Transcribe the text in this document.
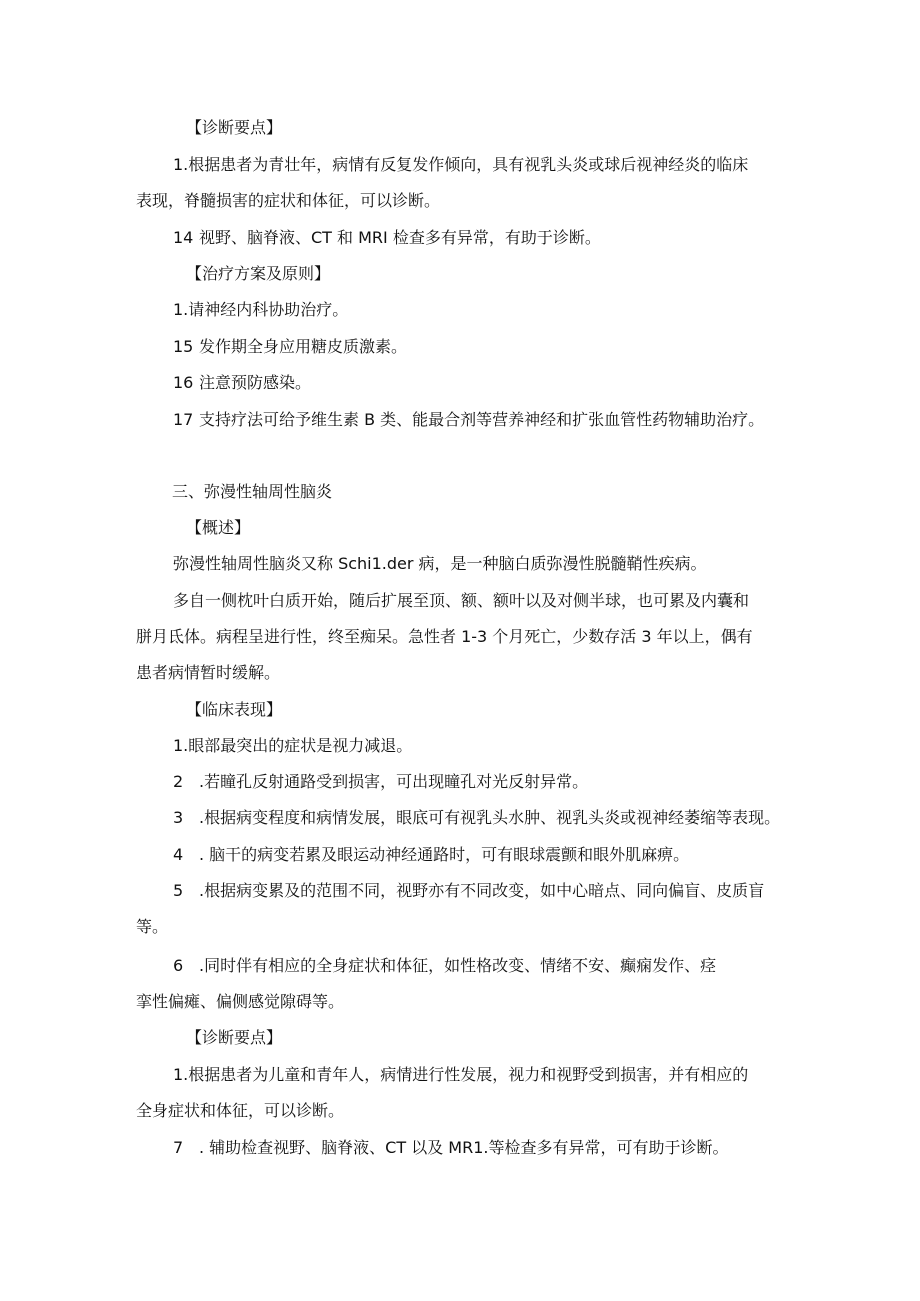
【诊断要点】
1.根据患者为青壮年，病情有反复发作倾向，具有视乳头炎或球后视神经炎的临床
表现，脊髓损害的症状和体征，可以诊断。
14 视野、脑脊液、CT 和 MRI 检查多有异常，有助于诊断。
【治疗方案及原则】
1.请神经内科协助治疗。
15 发作期全身应用糖皮质激素。
16 注意预防感染。
17 支持疗法可给予维生素 B 类、能最合剂等营养神经和扩张血管性药物辅助治疗。
三、弥漫性轴周性脑炎
【概述】
弥漫性轴周性脑炎又称 Schi1.der 病，是一种脑白质弥漫性脱髓鞘性疾病。
多自一侧枕叶白质开始，随后扩展至顶、额、额叶以及对侧半球，也可累及内囊和
胼月氐体。病程呈进行性，终至痴呆。急性者 1-3 个月死亡，少数存活 3 年以上，偶有
患者病情暂时缓解。
【临床表现】
1.眼部最突出的症状是视力减退。
2 .若瞳孔反射通路受到损害，可出现瞳孔对光反射异常。
3 .根据病变程度和病情发展，眼底可有视乳头水肿、视乳头炎或视神经萎缩等表现。
4 . 脑干的病变若累及眼运动神经通路时，可有眼球震颤和眼外肌麻痹。
5 .根据病变累及的范围不同，视野亦有不同改变，如中心暗点、同向偏盲、皮质盲
等。
6 .同时伴有相应的全身症状和体征，如性格改变、情绪不安、癫痫发作、痉
挛性偏瘫、偏侧感觉隙碍等。
【诊断要点】
1.根据患者为儿童和青年人，病情进行性发展，视力和视野受到损害，并有相应的
全身症状和体征，可以诊断。
7 . 辅助检查视野、脑脊液、CT 以及 MR1.等检查多有异常，可有助于诊断。
